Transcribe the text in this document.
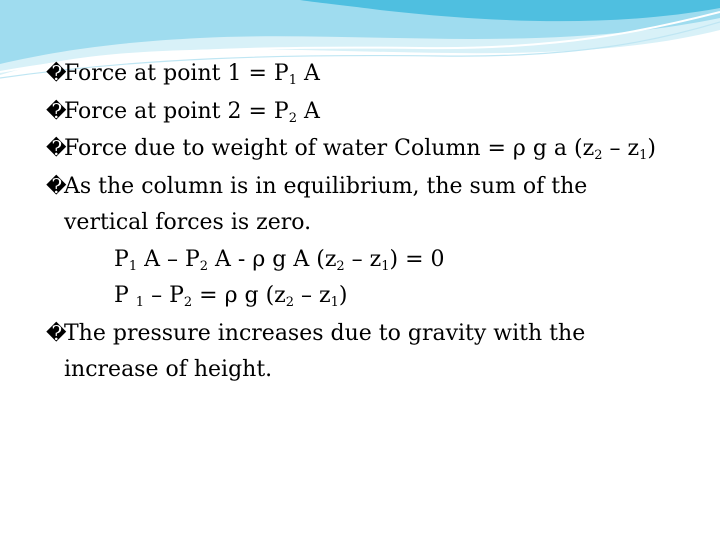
�Force at point $1 = P_1$ A
�Force at point $2 = P_2$ A
�Force due to weight of water Column = ρ g a $(z_2 - z_1)$
�As the column is in equilibrium, the sum of the
vertical forces is zero.
$P_1$ A – $P_2$ A - ρ g A $(z_2 - z_1) = 0$
P $_1 - P_2 = \rho$ g $(z_2 - z_1)$
�The pressure increases due to gravity with the
increase of height.
